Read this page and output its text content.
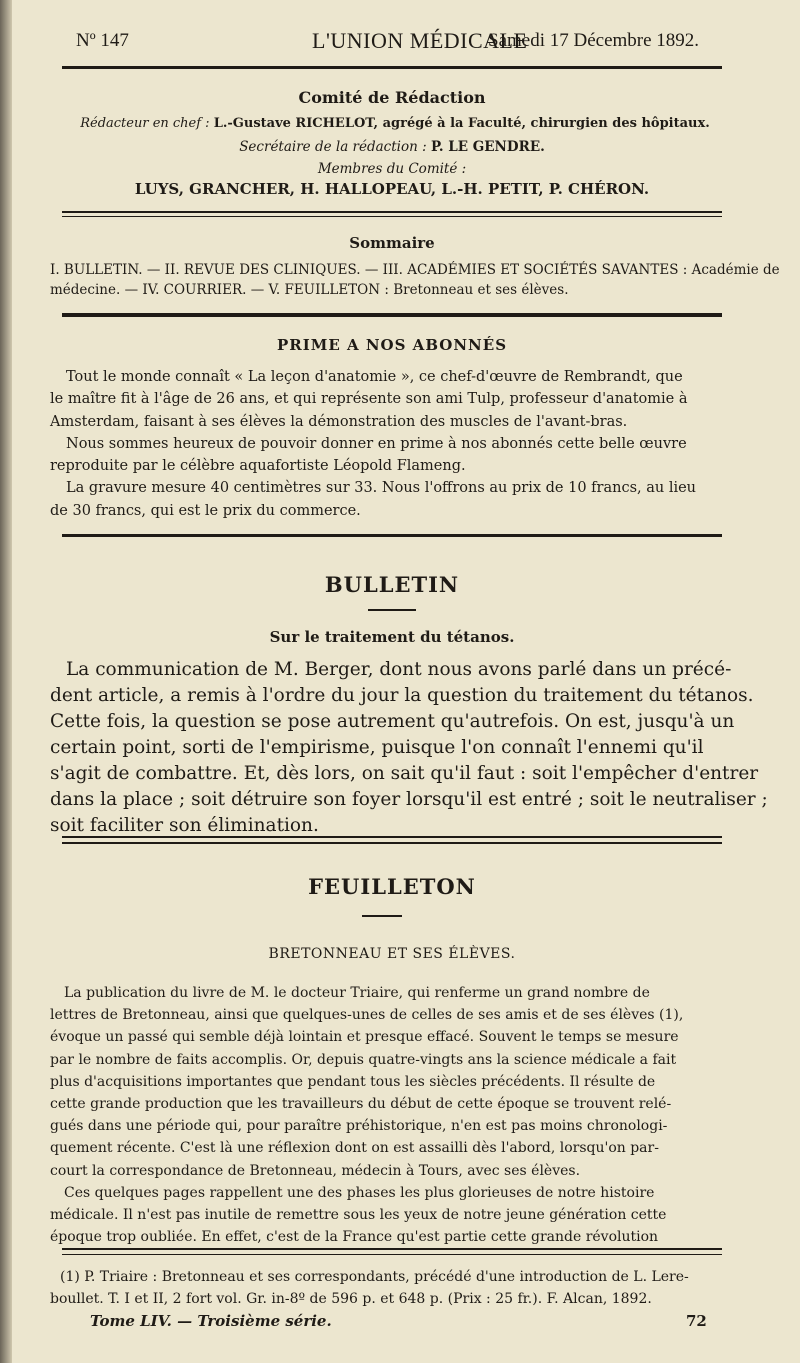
Nº 147	L'UNION MÉDICALE
Samedi 17 Décembre 1892.
Comité de Rédaction
Rédacteur en chef : L.-Gustave RICHELOT, agrégé à la Faculté, chirurgien des hôpitaux.
Secrétaire de la rédaction : P. LE GENDRE.
Membres du Comité :
LUYS, GRANCHER, H. HALLOPEAU, L.-H. PETIT, P. CHÉRON.
Sommaire
I. BULLETIN. — II. REVUE DES CLINIQUES. — III. ACADÉMIES ET SOCIÉTÉS SAVANTES : Académie de
médecine. — IV. COURRIER. — V. FEUILLETON : Bretonneau et ses élèves.
PRIME A NOS ABONNÉS

Tout le monde connaît « La leçon d'anatomie », ce chef-d'œuvre de Rembrandt, que

le maître fit à l'âge de 26 ans, et qui représente son ami Tulp, professeur d'anatomie à

Amsterdam, faisant à ses élèves la démonstration des muscles de l'avant-bras.

Nous sommes heureux de pouvoir donner en prime à nos abonnés cette belle œuvre

reproduite par le célèbre aquafortiste Léopold Flameng.

La gravure mesure 40 centimètres sur 33. Nous l'offrons au prix de 10 francs, au lieu

de 30 francs, qui est le prix du commerce.

BULLETIN
Sur le traitement du tétanos.

La communication de M. Berger, dont nous avons parlé dans un précé-

dent article, a remis à l'ordre du jour la question du traitement du tétanos.

Cette fois, la question se pose autrement qu'autrefois. On est, jusqu'à un

certain point, sorti de l'empirisme, puisque l'on connaît l'ennemi qu'il

s'agit de combattre. Et, dès lors, on sait qu'il faut : soit l'empêcher d'entrer

dans la place ; soit détruire son foyer lorsqu'il est entré ; soit le neutraliser ;

soit faciliter son élimination.

FEUILLETON
BRETONNEAU ET SES ÉLÈVES.

La publication du livre de M. le docteur Triaire, qui renferme un grand nombre de

lettres de Bretonneau, ainsi que quelques-unes de celles de ses amis et de ses élèves (1),

évoque un passé qui semble déjà lointain et presque effacé. Souvent le temps se mesure

par le nombre de faits accomplis. Or, depuis quatre-vingts ans la science médicale a fait

plus d'acquisitions importantes que pendant tous les siècles précédents. Il résulte de

cette grande production que les travailleurs du début de cette époque se trouvent relé-

gués dans une période qui, pour paraître préhistorique, n'en est pas moins chronologi-

quement récente. C'est là une réflexion dont on est assailli dès l'abord, lorsqu'on par-

court la correspondance de Bretonneau, médecin à Tours, avec ses élèves.

Ces quelques pages rappellent une des phases les plus glorieuses de notre histoire

médicale. Il n'est pas inutile de remettre sous les yeux de notre jeune génération cette

époque trop oubliée. En effet, c'est de la France qu'est partie cette grande révolution

(1) P. Triaire : Bretonneau et ses correspondants, précédé d'une introduction de L. Lere-

boullet. T. I et II, 2 fort vol. Gr. in-8º de 596 p. et 648 p. (Prix : 25 fr.). F. Alcan, 1892.

Tome LIV. — Troisième série.	72
